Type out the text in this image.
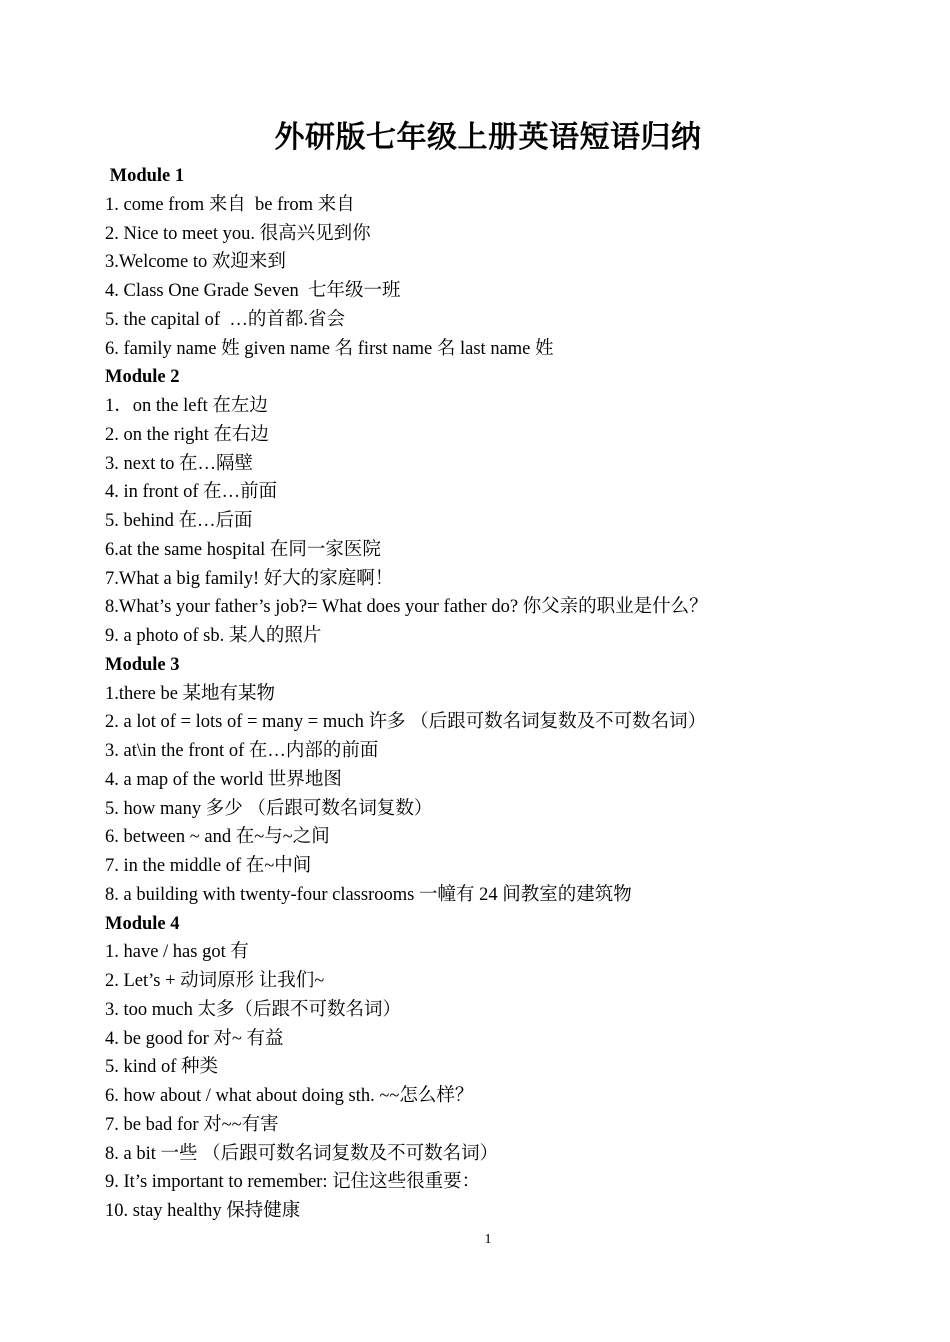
外研版七年级上册英语短语归纳
Module 1
1. come from 来自  be from 来自
2. Nice to meet you. 很高兴见到你
3.Welcome to 欢迎来到
4. Class One Grade Seven  七年级一班
5. the capital of  …的首都.省会
6. family name 姓 given name 名 first name 名 last name 姓
Module 2
1．on the left 在左边
2. on the right 在右边
3. next to 在…隔壁
4. in front of 在…前面
5. behind 在…后面
6.at the same hospital 在同一家医院
7.What a big family! 好大的家庭啊！
8.What’s your father’s job?= What does your father do? 你父亲的职业是什么？
9. a photo of sb. 某人的照片
Module 3
1.there be 某地有某物
2. a lot of = lots of = many = much 许多 （后跟可数名词复数及不可数名词）
3. at\in the front of 在…内部的前面
4. a map of the world 世界地图
5. how many 多少 （后跟可数名词复数）
6. between ~ and 在~与~之间
7. in the middle of 在~中间
8. a building with twenty-four classrooms 一幢有 24 间教室的建筑物
Module 4
1. have / has got 有
2. Let’s + 动词原形 让我们~
3. too much 太多（后跟不可数名词）
4. be good for 对~ 有益
5. kind of 种类
6. how about / what about doing sth. ~~怎么样？
7. be bad for 对~~有害
8. a bit 一些 （后跟可数名词复数及不可数名词）
9. It’s important to remember: 记住这些很重要：
10. stay healthy 保持健康
1
